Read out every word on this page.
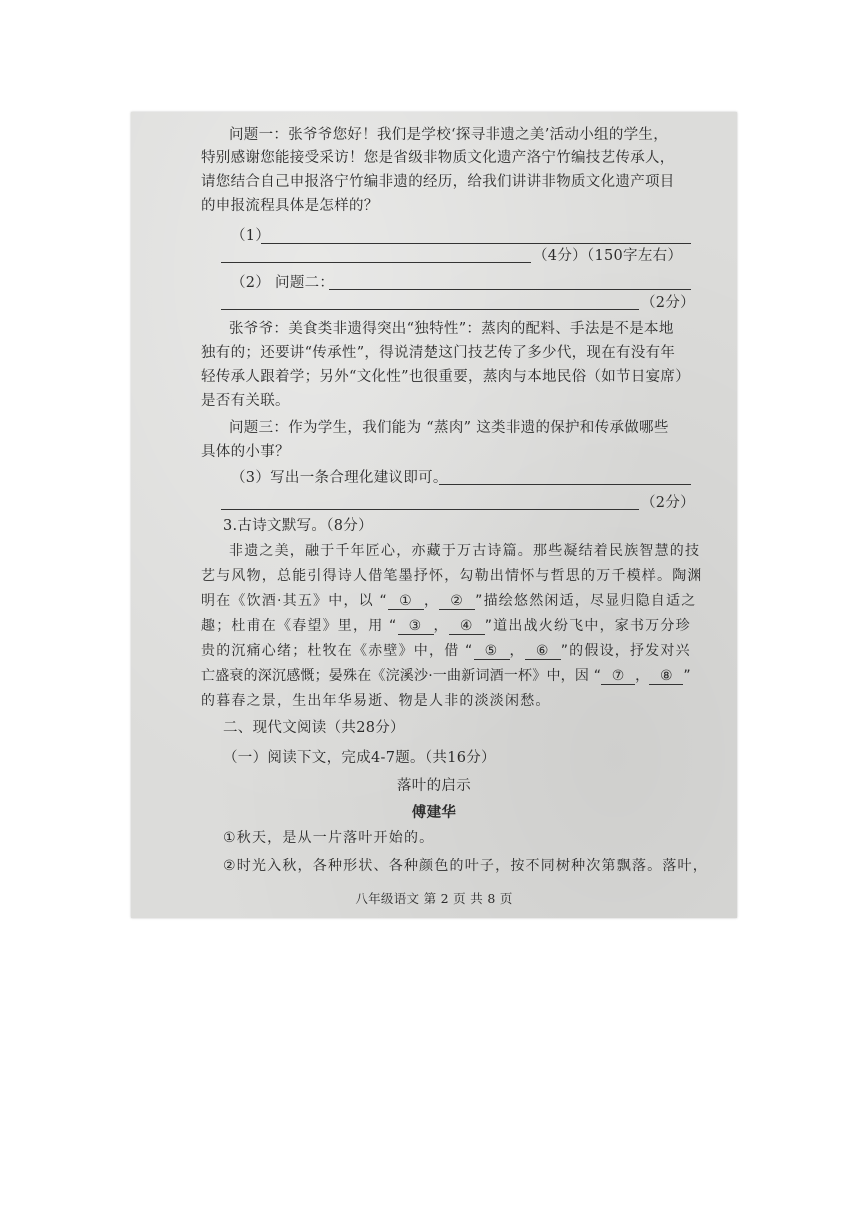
问题一：张爷爷您好！我们是学校‘探寻非遗之美’活动小组的学生，
特别感谢您能接受采访！您是省级非物质文化遗产洛宁竹编技艺传承人，
请您结合自己申报洛宁竹编非遗的经历，给我们讲讲非物质文化遗产项目
的申报流程具体是怎样的？
（1）
（4分）（150字左右）
（2） 问题二：
（2分）
张爷爷：美食类非遗得突出“独特性”：蒸肉的配料、手法是不是本地
独有的；还要讲“传承性”，得说清楚这门技艺传了多少代，现在有没有年
轻传承人跟着学；另外“文化性”也很重要，蒸肉与本地民俗（如节日宴席）
是否有关联。
问题三：作为学生，我们能为 “蒸肉” 这类非遗的保护和传承做哪些
具体的小事？
（3）写出一条合理化建议即可。
（2分）
3.古诗文默写。（8分）
非遗之美，融于千年匠心，亦藏于万古诗篇。那些凝结着民族智慧的技
艺与风物，总能引得诗人借笔墨抒怀，勾勒出情怀与哲思的万千模样。陶渊
明在《饮酒·其五》中，以 “ ① ， ② ”描绘悠然闲适，尽显归隐自适之
趣；杜甫在《春望》里，用 “ ③ ， ④ ”道出战火纷飞中，家书万分珍
贵的沉痛心绪；杜牧在《赤壁》中，借 “ ⑤ ， ⑥ ”的假设，抒发对兴
亡盛衰的深沉感慨；晏殊在《浣溪沙·一曲新词酒一杯》中，因 “ ⑦ ， ⑧ ”
的暮春之景，生出年华易逝、物是人非的淡淡闲愁。
二、现代文阅读（共28分）
（一）阅读下文，完成4-7题。（共16分）
落叶的启示
傅建华
①秋天，是从一片落叶开始的。
②时光入秋，各种形状、各种颜色的叶子，按不同树种次第飘落。落叶，
八年级语文 第 2 页 共 8 页
